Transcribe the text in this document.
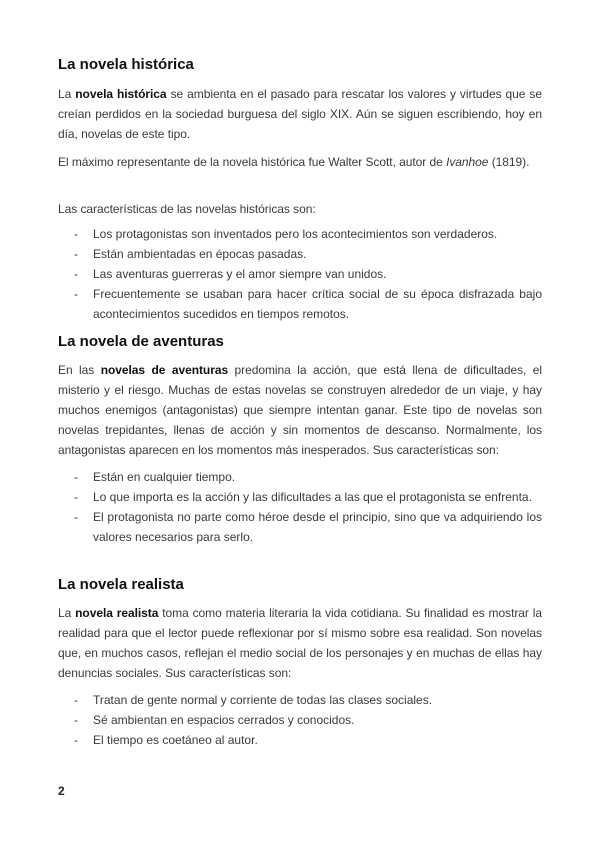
La novela histórica

La novela histórica se ambienta en el pasado para rescatar los valores y virtudes que se creían perdidos en la sociedad burguesa del siglo XIX. Aún se siguen escribiendo, hoy en día, novelas de este tipo.

El máximo representante de la novela histórica fue Walter Scott, autor de Ivanhoe (1819).

Las características de las novelas históricas son:

- Los protagonistas son inventados pero los acontecimientos son verdaderos.
- Están ambientadas en épocas pasadas.
- Las aventuras guerreras y el amor siempre van unidos.
- Frecuentemente se usaban para hacer crítica social de su época disfrazada bajo acontecimientos sucedidos en tiempos remotos.
La novela de aventuras

En las novelas de aventuras predomina la acción, que está llena de dificultades, el misterio y el riesgo. Muchas de estas novelas se construyen alrededor de un viaje, y hay muchos enemigos (antagonistas) que siempre intentan ganar. Este tipo de novelas son novelas trepidantes, llenas de acción y sin momentos de descanso. Normalmente, los antagonistas aparecen en los momentos más inesperados. Sus características son:

- Están en cualquier tiempo.
- Lo que importa es la acción y las dificultades a las que el protagonista se enfrenta.
- El protagonista no parte como héroe desde el principio, sino que va adquiriendo los valores necesarios para serlo.
La novela realista

La novela realista toma como materia literaria la vida cotidiana. Su finalidad es mostrar la realidad para que el lector puede reflexionar por sí mismo sobre esa realidad. Son novelas que, en muchos casos, reflejan el medio social de los personajes y en muchas de ellas hay denuncias sociales. Sus características son:

- Tratan de gente normal y corriente de todas las clases sociales.
- Sé ambientan en espacios cerrados y conocidos.
- El tiempo es coetáneo al autor.
2
